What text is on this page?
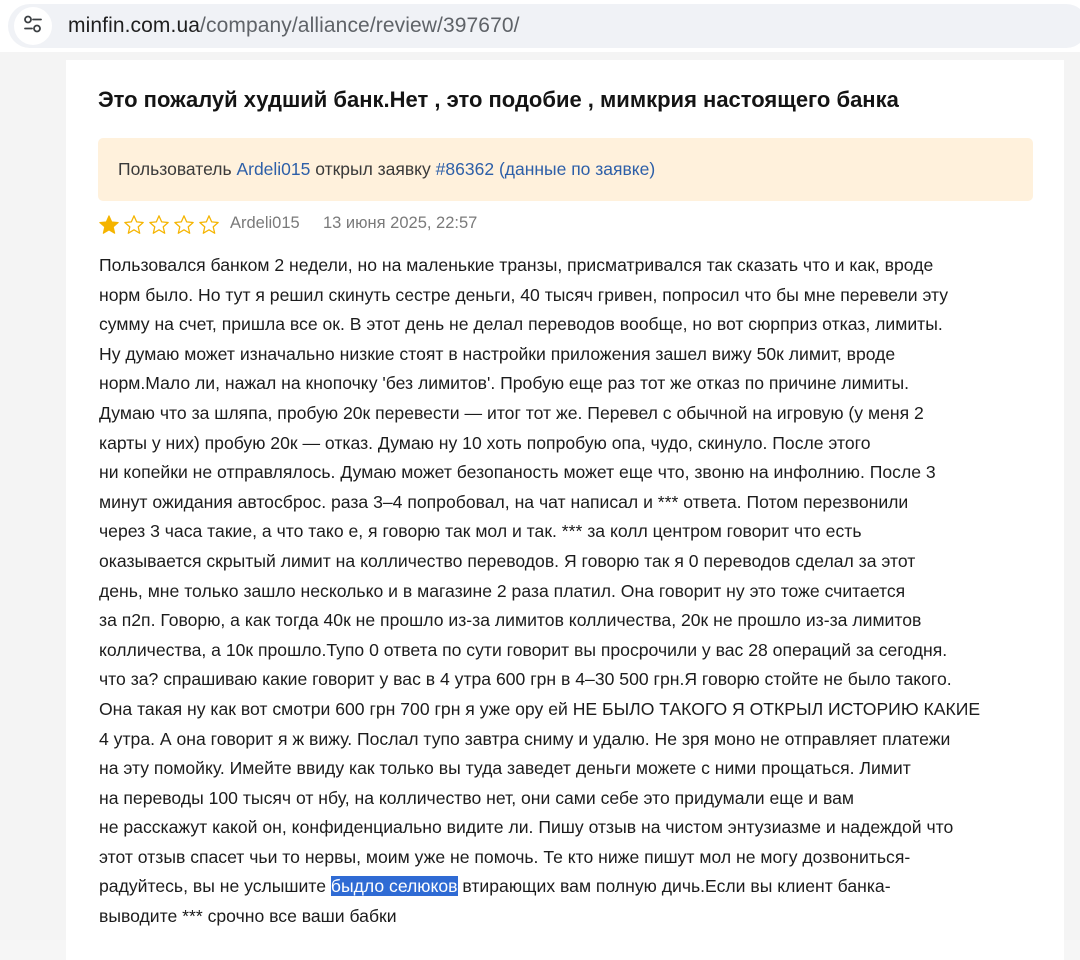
minfin.com.ua/company/alliance/review/397670/
Это пожалуй худший банк.Нет , это подобие , мимкрия настоящего банка
Пользователь Ardeli015 открыл заявку #86362 (данные по заявке)
Ardeli015 13 июня 2025, 22:57
Пользовался банком 2 недели, но на маленькие транзы, присматривался так сказать что и как, вроде
норм было. Но тут я решил скинуть сестре деньги, 40 тысяч гривен, попросил что бы мне перевели эту
сумму на счет, пришла все ок. В этот день не делал переводов вообще, но вот сюрприз отказ, лимиты.
Ну думаю может изначально низкие стоят в настройки приложения зашел вижу 50к лимит, вроде
норм.Мало ли, нажал на кнопочку 'без лимитов'. Пробую еще раз тот же отказ по причине лимиты.
Думаю что за шляпа, пробую 20к перевести — итог тот же. Перевел с обычной на игровую (у меня 2
карты у них) пробую 20к — отказ. Думаю ну 10 хоть попробую опа, чудо, скинуло. После этого
ни копейки не отправлялось. Думаю может безопаность может еще что, звоню на инфолнию. После 3
минут ожидания автосброс. раза 3–4 попробовал, на чат написал и *** ответа. Потом перезвонили
через 3 часа такие, а что тако е, я говорю так мол и так. *** за колл центром говорит что есть
оказывается скрытый лимит на колличество переводов. Я говорю так я 0 переводов сделал за этот
день, мне только зашло несколько и в магазине 2 раза платил. Она говорит ну это тоже считается
за п2п. Говорю, а как тогда 40к не прошло из-за лимитов колличества, 20к не прошло из-за лимитов
колличества, а 10к прошло.Тупо 0 ответа по сути говорит вы просрочили у вас 28 операций за сегодня.
что за? спрашиваю какие говорит у вас в 4 утра 600 грн в 4–30 500 грн.Я говорю стойте не было такого.
Она такая ну как вот смотри 600 грн 700 грн я уже ору ей НЕ БЫЛО ТАКОГО Я ОТКРЫЛ ИСТОРИЮ КАКИЕ
4 утра. А она говорит я ж вижу. Послал тупо завтра сниму и удалю. Не зря моно не отправляет платежи
на эту помойку. Имейте ввиду как только вы туда заведет деньги можете с ними прощаться. Лимит
на переводы 100 тысяч от нбу, на колличество нет, они сами себе это придумали еще и вам
не расскажут какой он, конфиденциально видите ли. Пишу отзыв на чистом энтузиазме и надеждой что
этот отзыв спасет чьи то нервы, моим уже не помочь. Те кто ниже пишут мол не могу дозвониться-
радуйтесь, вы не услышите быдло селюков втирающих вам полную дичь.Если вы клиент банка-
выводите *** срочно все ваши бабки
